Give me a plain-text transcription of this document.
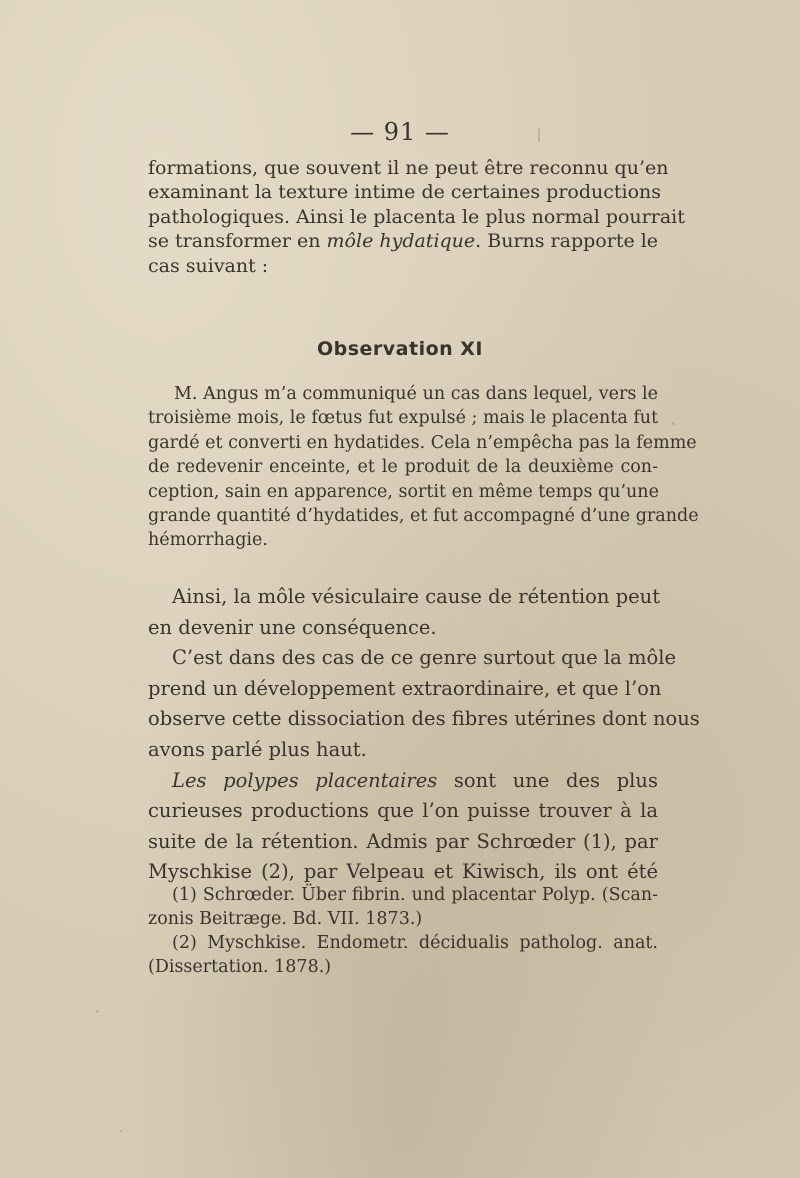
— 91 —
formations, que souvent il ne peut être reconnu qu’en
examinant la texture intime de certaines productions
pathologiques. Ainsi le placenta le plus normal pourrait
se transformer en môle hydatique. Burns rapporte le
cas suivant :
Observation XI
M. Angus m’a communiqué un cas dans lequel, vers le
troisième mois, le fœtus fut expulsé ; mais le placenta fut
gardé et converti en hydatides. Cela n’empêcha pas la femme
de redevenir enceinte, et le produit de la deuxième con-
ception, sain en apparence, sortit en même temps qu’une
grande quantité d’hydatides, et fut accompagné d’une grande
hémorrhagie.
Ainsi, la môle vésiculaire cause de rétention peut
en devenir une conséquence.
C’est dans des cas de ce genre surtout que la môle
prend un développement extraordinaire, et que l’on
observe cette dissociation des fibres utérines dont nous
avons parlé plus haut.
Les polypes placentaires sont une des plus
curieuses productions que l’on puisse trouver à la
suite de la rétention. Admis par Schrœder (1), par
Myschkise (2), par Velpeau et Kiwisch, ils ont été
(1) Schrœder. Über fibrin. und placentar Polyp. (Scan-
zonis Beitræge. Bd. VII. 1873.)
(2) Myschkise. Endometr. décidualis patholog. anat.
(Dissertation. 1878.)
